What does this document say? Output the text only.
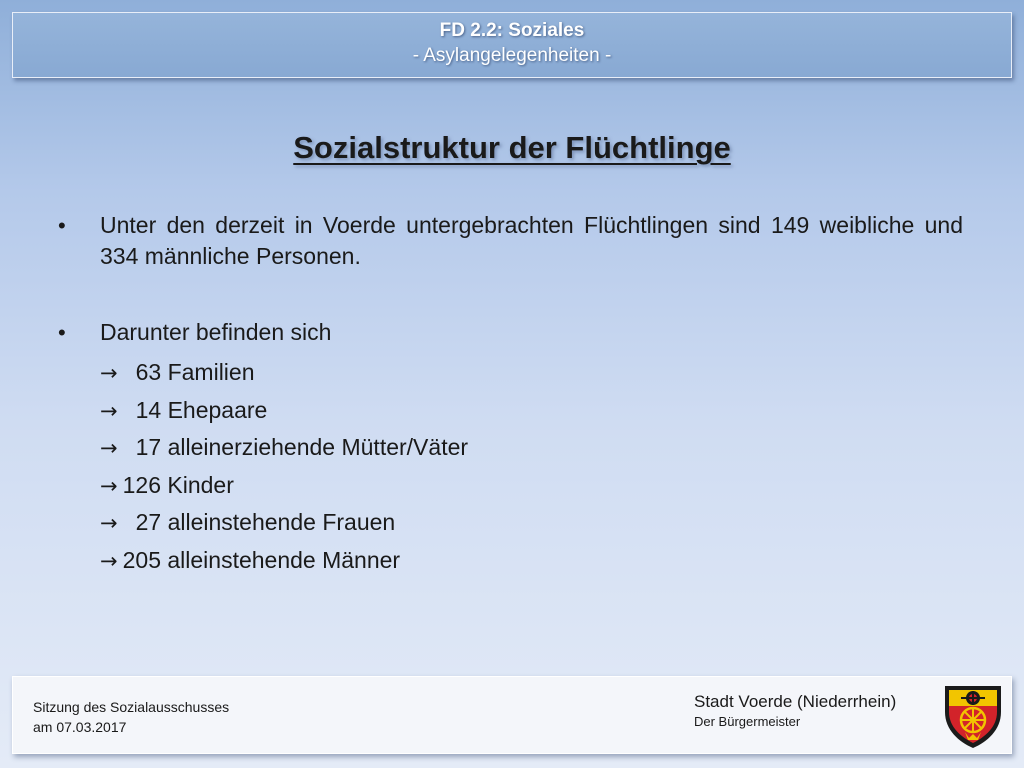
FD 2.2: Soziales
- Asylangelegenheiten -
Sozialstruktur der Flüchtlinge
• Unter den derzeit in Voerde untergebrachten Flüchtlingen sind 149 weibliche und 334 männliche Personen.
• Darunter befinden sich
→ 63 Familien
→ 14 Ehepaare
→ 17 alleinerziehende Mütter/Väter
→ 126 Kinder
→ 27 alleinstehende Frauen
→ 205 alleinstehende Männer
Sitzung des Sozialausschusses
am 07.03.2017
Stadt Voerde (Niederrhein)
Der Bürgermeister
